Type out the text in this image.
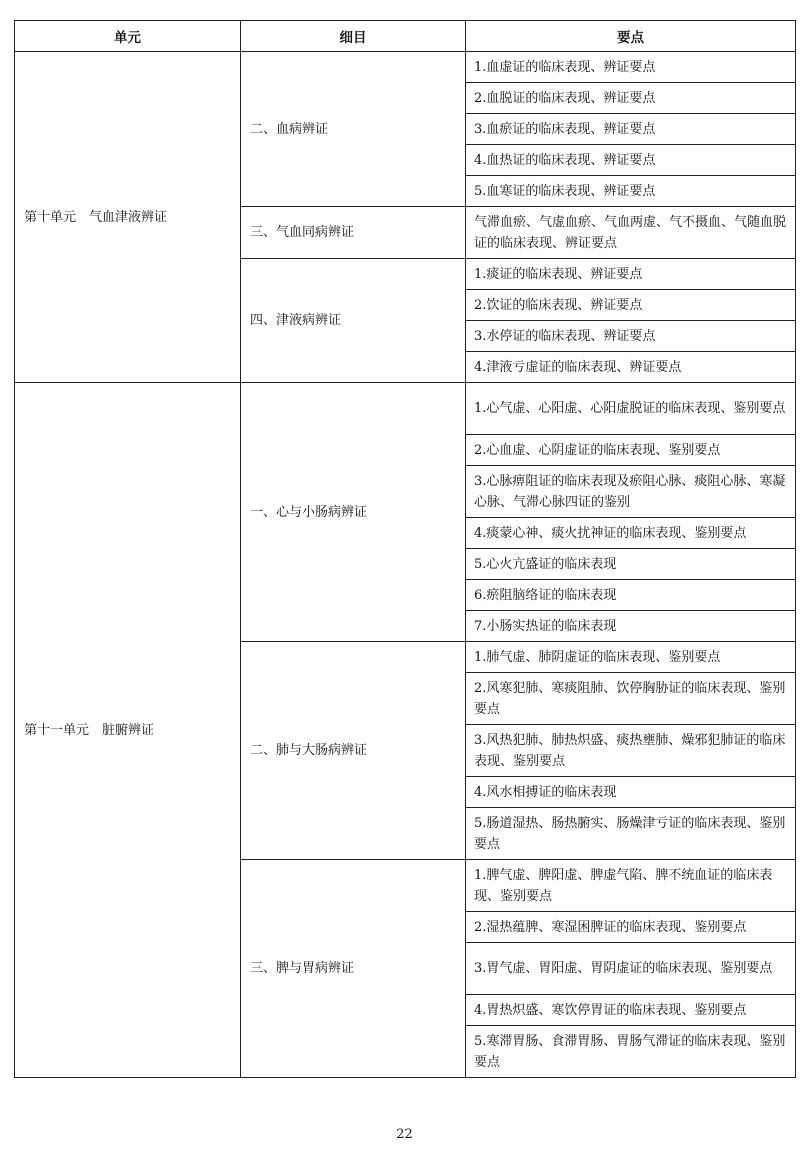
单元	细目	要点
第十单元　气血津液辨证	二、血病辨证	1.血虚证的临床表现、辨证要点
		2.血脱证的临床表现、辨证要点
		3.血瘀证的临床表现、辨证要点
		4.血热证的临床表现、辨证要点
		5.血寒证的临床表现、辨证要点
	三、气血同病辨证	气滞血瘀、气虚血瘀、气血两虚、气不摄血、气随血脱证的临床表现、辨证要点
	四、津液病辨证	1.痰证的临床表现、辨证要点
		2.饮证的临床表现、辨证要点
		3.水停证的临床表现、辨证要点
		4.津液亏虚证的临床表现、辨证要点
第十一单元　脏腑辨证	一、心与小肠病辨证	1.心气虚、心阳虚、心阳虚脱证的临床表现、鉴别要点
		2.心血虚、心阴虚证的临床表现、鉴别要点
		3.心脉痹阻证的临床表现及瘀阻心脉、痰阻心脉、寒凝心脉、气滞心脉四证的鉴别
		4.痰蒙心神、痰火扰神证的临床表现、鉴别要点
		5.心火亢盛证的临床表现
		6.瘀阻脑络证的临床表现
		7.小肠实热证的临床表现
	二、肺与大肠病辨证	1.肺气虚、肺阴虚证的临床表现、鉴别要点
		2.风寒犯肺、寒痰阻肺、饮停胸胁证的临床表现、鉴别要点
		3.风热犯肺、肺热炽盛、痰热壅肺、燥邪犯肺证的临床表现、鉴别要点
		4.风水相搏证的临床表现
		5.肠道湿热、肠热腑实、肠燥津亏证的临床表现、鉴别要点
	三、脾与胃病辨证	1.脾气虚、脾阳虚、脾虚气陷、脾不统血证的临床表现、鉴别要点
		2.湿热蕴脾、寒湿困脾证的临床表现、鉴别要点
		3.胃气虚、胃阳虚、胃阴虚证的临床表现、鉴别要点
		4.胃热炽盛、寒饮停胃证的临床表现、鉴别要点
		5.寒滞胃肠、食滞胃肠、胃肠气滞证的临床表现、鉴别要点
22
